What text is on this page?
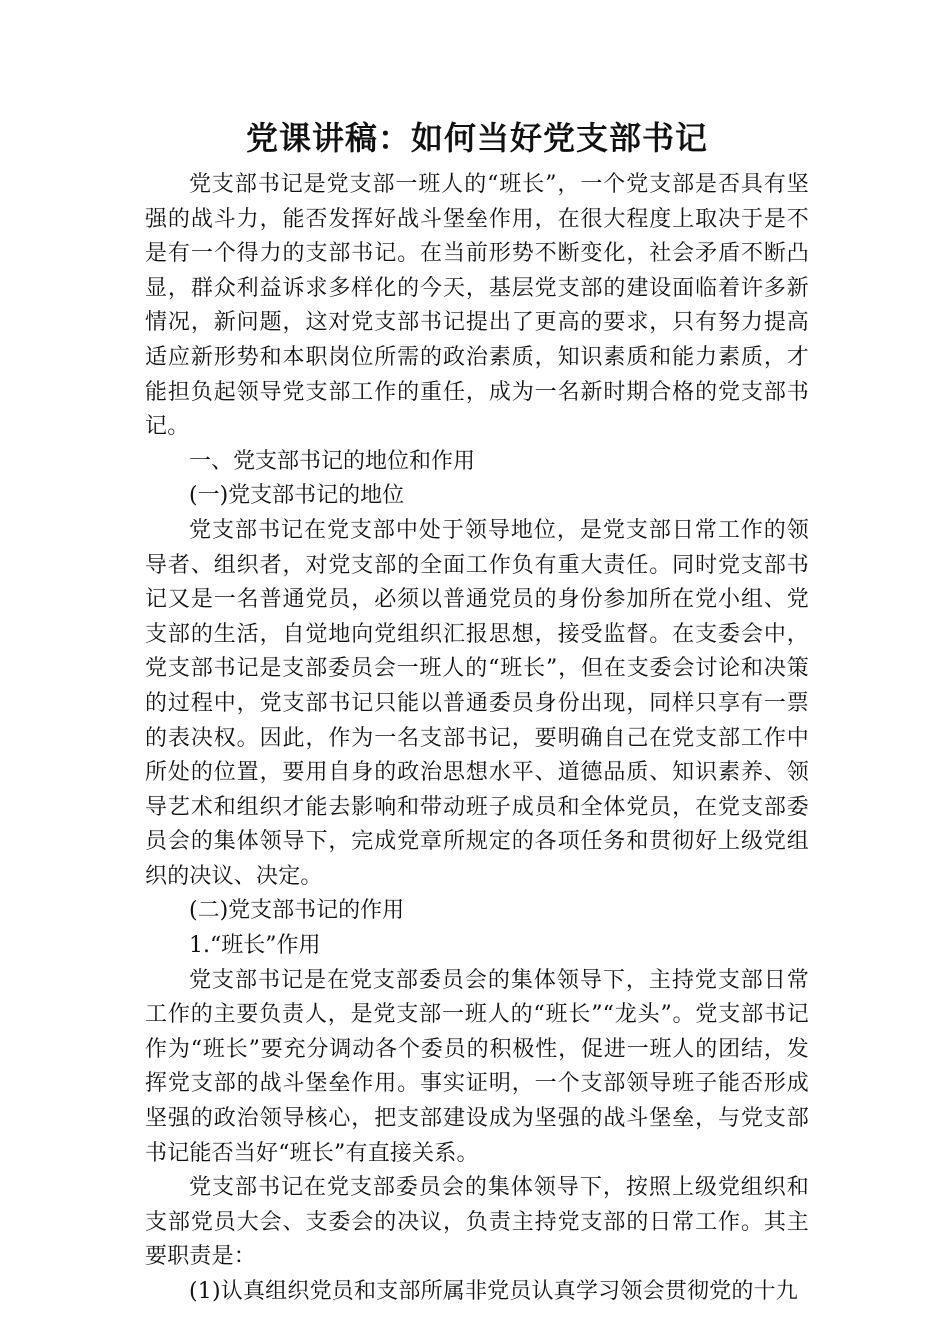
党课讲稿：如何当好党支部书记

党支部书记是党支部一班人的“班长”，一个党支部是否具有坚强的战斗力，能否发挥好战斗堡垒作用，在很大程度上取决于是不是有一个得力的支部书记。在当前形势不断变化，社会矛盾不断凸显，群众利益诉求多样化的今天，基层党支部的建设面临着许多新情况，新问题，这对党支部书记提出了更高的要求，只有努力提高适应新形势和本职岗位所需的政治素质，知识素质和能力素质，才能担负起领导党支部工作的重任，成为一名新时期合格的党支部书记。

一、党支部书记的地位和作用

(一)党支部书记的地位

党支部书记在党支部中处于领导地位，是党支部日常工作的领导者、组织者，对党支部的全面工作负有重大责任。同时党支部书记又是一名普通党员，必须以普通党员的身份参加所在党小组、党支部的生活，自觉地向党组织汇报思想，接受监督。在支委会中，党支部书记是支部委员会一班人的“班长”，但在支委会讨论和决策的过程中，党支部书记只能以普通委员身份出现，同样只享有一票的表决权。因此，作为一名支部书记，要明确自己在党支部工作中所处的位置，要用自身的政治思想水平、道德品质、知识素养、领导艺术和组织才能去影响和带动班子成员和全体党员，在党支部委员会的集体领导下，完成党章所规定的各项任务和贯彻好上级党组织的决议、决定。

(二)党支部书记的作用

1.“班长”作用

党支部书记是在党支部委员会的集体领导下，主持党支部日常工作的主要负责人，是党支部一班人的“班长”“龙头”。党支部书记作为“班长”要充分调动各个委员的积极性，促进一班人的团结，发挥党支部的战斗堡垒作用。事实证明，一个支部领导班子能否形成坚强的政治领导核心，把支部建设成为坚强的战斗堡垒，与党支部书记能否当好“班长”有直接关系。

党支部书记在党支部委员会的集体领导下，按照上级党组织和支部党员大会、支委会的决议，负责主持党支部的日常工作。其主要职责是：

(1)认真组织党员和支部所属非党员认真学习领会贯彻党的十九
